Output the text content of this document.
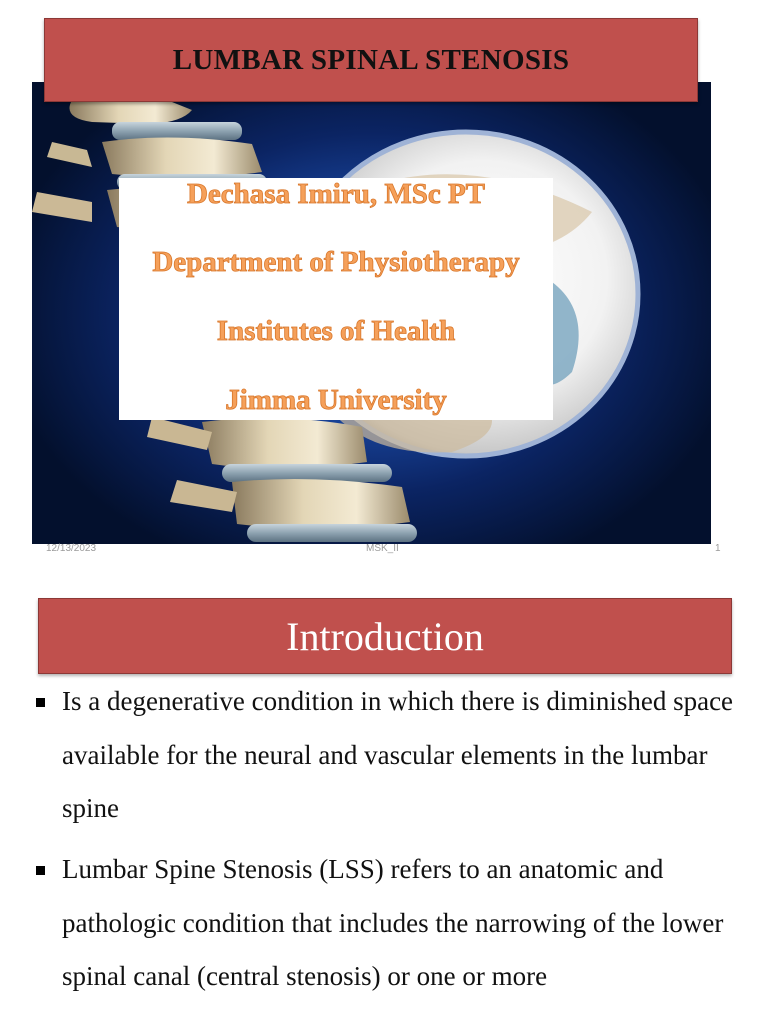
LUMBAR SPINAL STENOSIS
Dechasa Imiru, MSc PT
Department of Physiotherapy
Institutes of Health
Jimma University
12/13/2023	MSK_II	1
Introduction
Is a degenerative condition in which there is diminished space available for the neural and vascular elements in the lumbar spine
Lumbar Spine Stenosis (LSS) refers to an anatomic and pathologic condition that includes the narrowing of the lower spinal canal (central stenosis) or one or more
